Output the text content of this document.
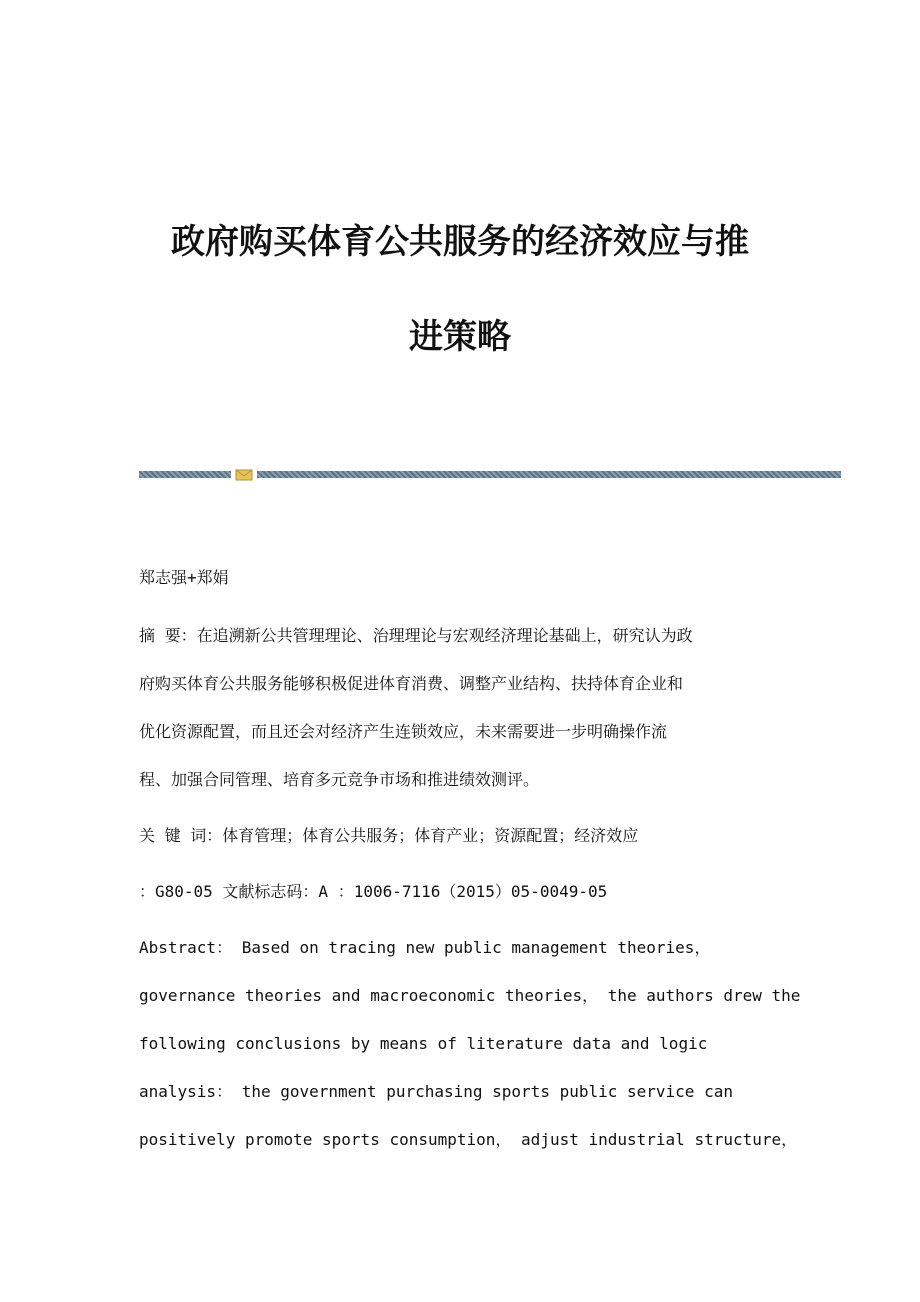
政府购买体育公共服务的经济效应与推
进策略

郑志强+郑娟

摘 要：在追溯新公共管理理论、治理理论与宏观经济理论基础上，研究认为政

府购买体育公共服务能够积极促进体育消费、调整产业结构、扶持体育企业和

优化资源配置，而且还会对经济产生连锁效应，未来需要进一步明确操作流

程、加强合同管理、培育多元竞争市场和推进绩效测评。

关 键 词：体育管理；体育公共服务；体育产业；资源配置；经济效应

：G80-05 文献标志码：A ：1006-7116（2015）05-0049-05

Abstract： Based on tracing new public management theories，

governance theories and macroeconomic theories， the authors drew the

following conclusions by means of literature data and logic

analysis： the government purchasing sports public service can

positively promote sports consumption， adjust industrial structure，
